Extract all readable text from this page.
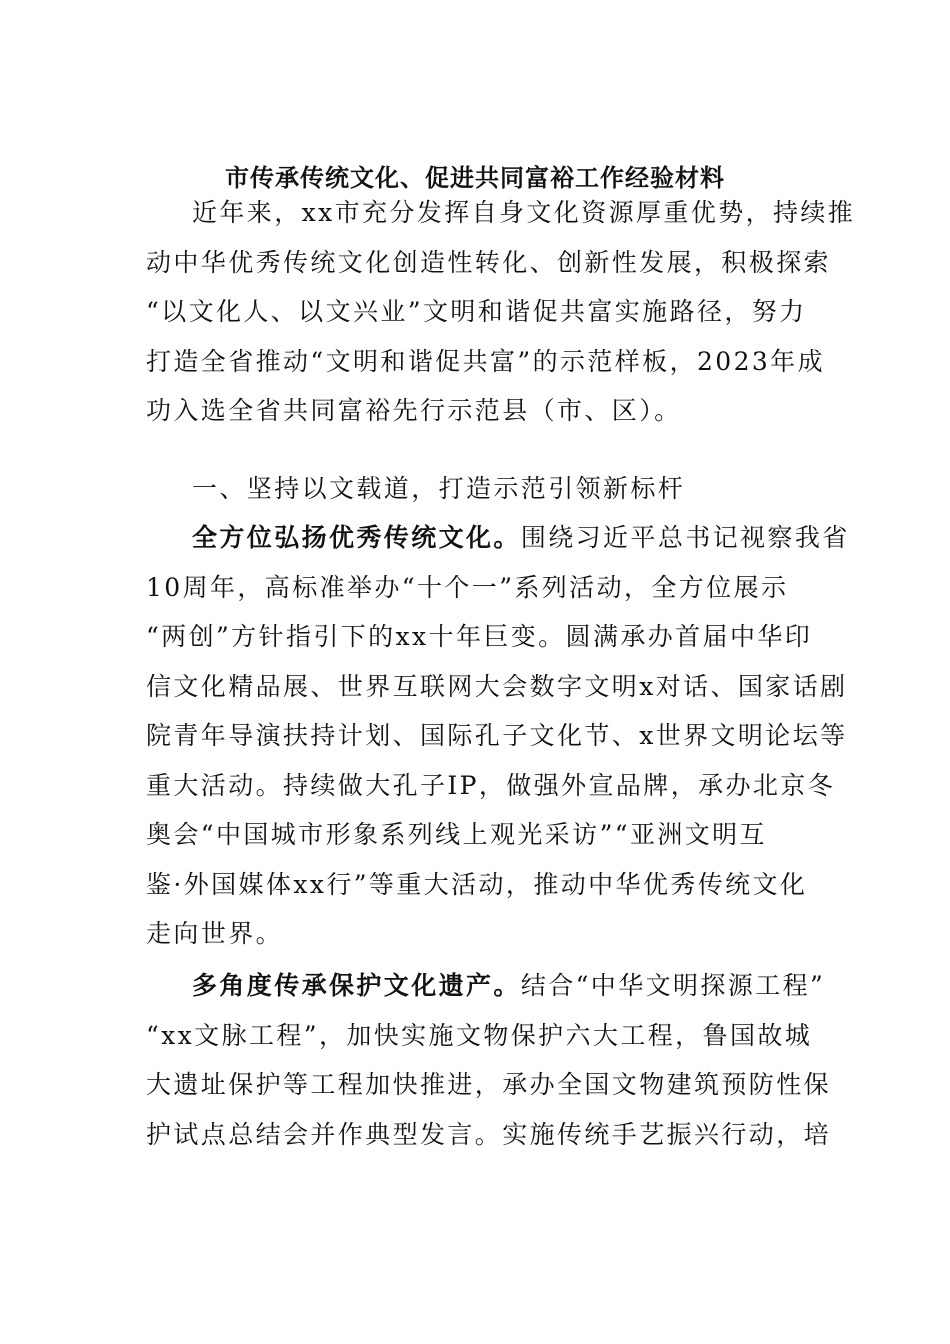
市传承传统文化、促进共同富裕工作经验材料
近年来，xx市充分发挥自身文化资源厚重优势，持续推
动中华优秀传统文化创造性转化、创新性发展，积极探索
“以文化人、以文兴业”文明和谐促共富实施路径，努力
打造全省推动“文明和谐促共富”的示范样板，2023年成
功入选全省共同富裕先行示范县（市、区）。
一、坚持以文载道，打造示范引领新标杆
全方位弘扬优秀传统文化。围绕习近平总书记视察我省
10周年，高标准举办“十个一”系列活动，全方位展示
“两创”方针指引下的xx十年巨变。圆满承办首届中华印
信文化精品展、世界互联网大会数字文明x对话、国家话剧
院青年导演扶持计划、国际孔子文化节、x世界文明论坛等
重大活动。持续做大孔子IP，做强外宣品牌，承办北京冬
奥会“中国城市形象系列线上观光采访”“亚洲文明互
鉴·外国媒体xx行”等重大活动，推动中华优秀传统文化
走向世界。
多角度传承保护文化遗产。结合“中华文明探源工程”
“xx文脉工程”，加快实施文物保护六大工程，鲁国故城
大遗址保护等工程加快推进，承办全国文物建筑预防性保
护试点总结会并作典型发言。实施传统手艺振兴行动，培
